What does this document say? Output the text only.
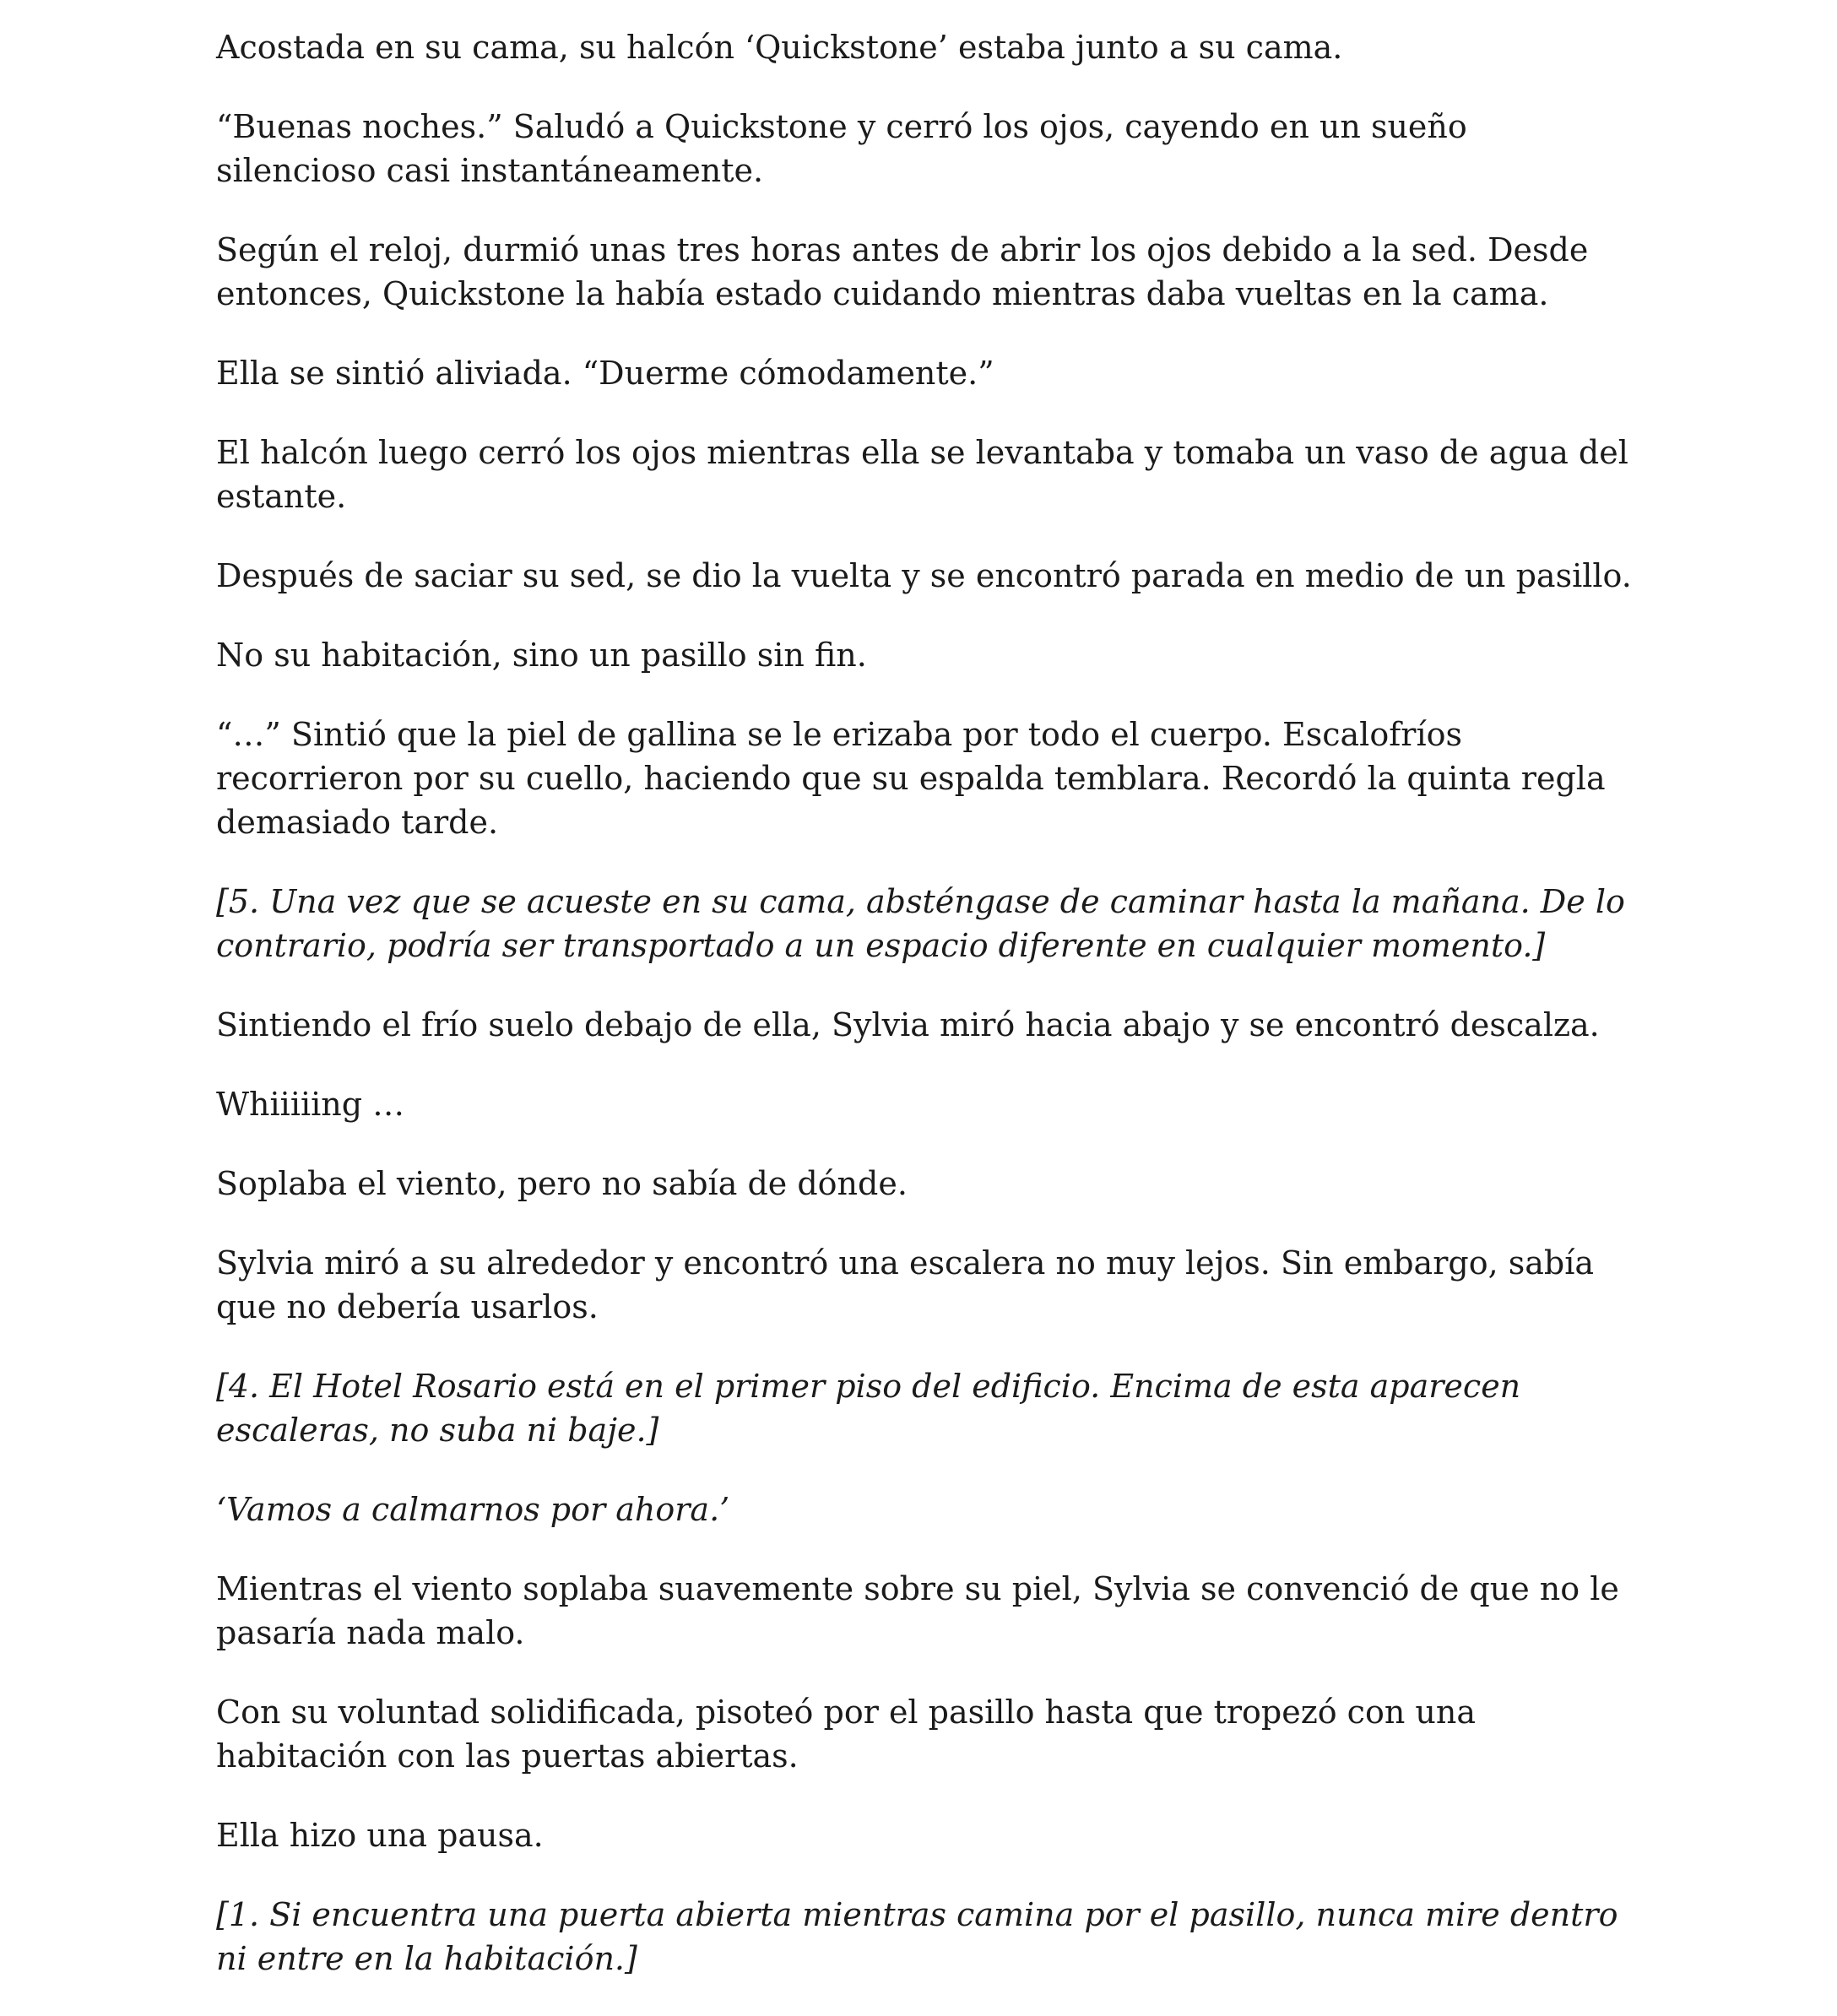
Acostada en su cama, su halcón ‘Quickstone’ estaba junto a su cama.

“Buenas noches.” Saludó a Quickstone y cerró los ojos, cayendo en un sueño silencioso casi instantáneamente.

Según el reloj, durmió unas tres horas antes de abrir los ojos debido a la sed. Desde entonces, Quickstone la había estado cuidando mientras daba vueltas en la cama.

Ella se sintió aliviada. “Duerme cómodamente.”

El halcón luego cerró los ojos mientras ella se levantaba y tomaba un vaso de agua del estante.

Después de saciar su sed, se dio la vuelta y se encontró parada en medio de un pasillo.

No su habitación, sino un pasillo sin fin.

“…” Sintió que la piel de gallina se le erizaba por todo el cuerpo. Escalofríos recorrieron por su cuello, haciendo que su espalda temblara. Recordó la quinta regla demasiado tarde.

[5. Una vez que se acueste en su cama, absténgase de caminar hasta la mañana. De lo contrario, podría ser transportado a un espacio diferente en cualquier momento.]

Sintiendo el frío suelo debajo de ella, Sylvia miró hacia abajo y se encontró descalza.

Whiiiiing …

Soplaba el viento, pero no sabía de dónde.

Sylvia miró a su alrededor y encontró una escalera no muy lejos. Sin embargo, sabía que no debería usarlos.

[4. El Hotel Rosario está en el primer piso del edificio. Encima de esta aparecen escaleras, no suba ni baje.]

‘Vamos a calmarnos por ahora.’

Mientras el viento soplaba suavemente sobre su piel, Sylvia se convenció de que no le pasaría nada malo.

Con su voluntad solidificada, pisoteó por el pasillo hasta que tropezó con una habitación con las puertas abiertas.

Ella hizo una pausa.

[1. Si encuentra una puerta abierta mientras camina por el pasillo, nunca mire dentro ni entre en la habitación.]
